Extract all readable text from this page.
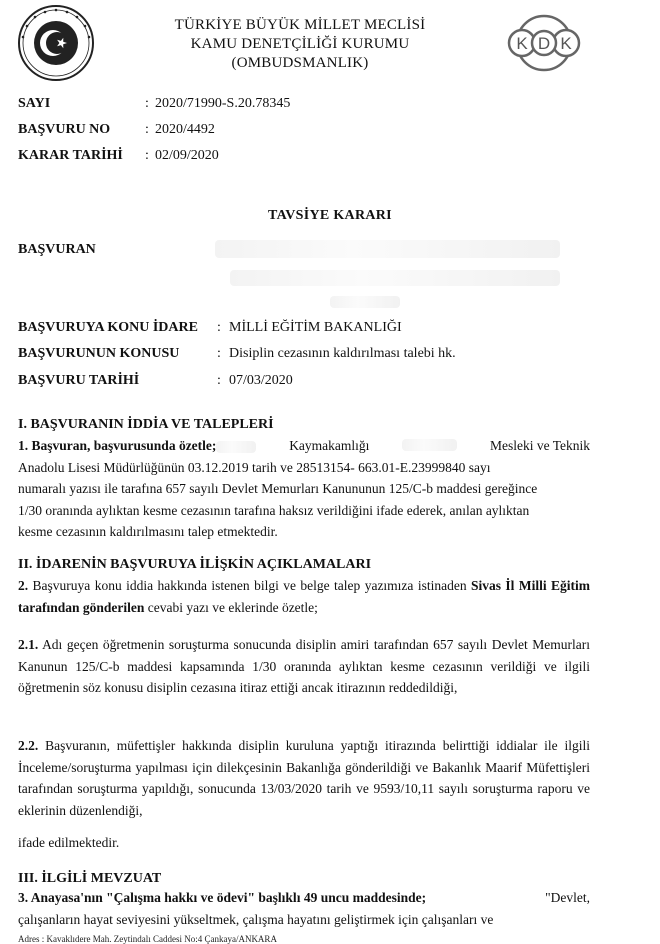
TÜRKİYE BÜYÜK MİLLET MECLİSİ
KAMU DENETÇİLİĞİ KURUMU
(OMBUDSMANLIK)
K D K
SAYI	: 2020/71990-S.20.78345
BAŞVURU NO : 2020/4492
KARAR TARİHİ : 02/09/2020
TAVSİYE KARARI
BAŞVURAN
BAŞVURUYA KONU İDARE : MİLLİ EĞİTİM BAKANLIĞI
BAŞVURUNUN KONUSU	: Disiplin cezasının kaldırılması talebi hk.
BAŞVURU TARİHİ	: 07/03/2020
I. BAŞVURANIN İDDİA VE TALEPLERİ
1. Başvuran, başvurusunda özetle;	Kaymakamlığı	Mesleki ve Teknik
Anadolu Lisesi Müdürlüğünün 03.12.2019 tarih ve 28513154- 663.01-E.23999840 sayı
numaralı yazısı ile tarafına 657 sayılı Devlet Memurları Kanununun 125/C-b maddesi gereğince
1/30 oranında aylıktan kesme cezasının tarafına haksız verildiğini ifade ederek, anılan aylıktan
kesme cezasının kaldırılmasını talep etmektedir.
II. İDARENİN BAŞVURUYA İLİŞKİN AÇIKLAMALARI
2. Başvuruya konu iddia hakkında istenen bilgi ve belge talep yazımıza istinaden Sivas İl Milli Eğitim tarafından gönderilen cevabi yazı ve eklerinde özetle;
2.1. Adı geçen öğretmenin soruşturma sonucunda disiplin amiri tarafından 657 sayılı Devlet Memurları Kanunun 125/C-b maddesi kapsamında 1/30 oranında aylıktan kesme cezasının verildiği ve ilgili öğretmenin söz konusu disiplin cezasına itiraz ettiği ancak itirazının reddedildiği,
2.2. Başvuranın, müfettişler hakkında disiplin kuruluna yaptığı itirazında belirttiği iddialar ile ilgili İnceleme/soruşturma yapılması için dilekçesinin Bakanlığa gönderildiği ve Bakanlık Maarif Müfettişleri tarafından soruşturma yapıldığı, sonucunda 13/03/2020 tarih ve 9593/10,11 sayılı soruşturma raporu ve eklerinin düzenlendiği,
ifade edilmektedir.
III. İLGİLİ MEVZUAT
3. Anayasa'nın "Çalışma hakkı ve ödevi" başlıklı 49 uncu maddesinde;	"Devlet,
çalışanların hayat seviyesini yükseltmek, çalışma hayatını geliştirmek için çalışanları ve
Adres : Kavaklıdere Mah. Zeytindalı Caddesi No:4 Çankaya/ANKARA
